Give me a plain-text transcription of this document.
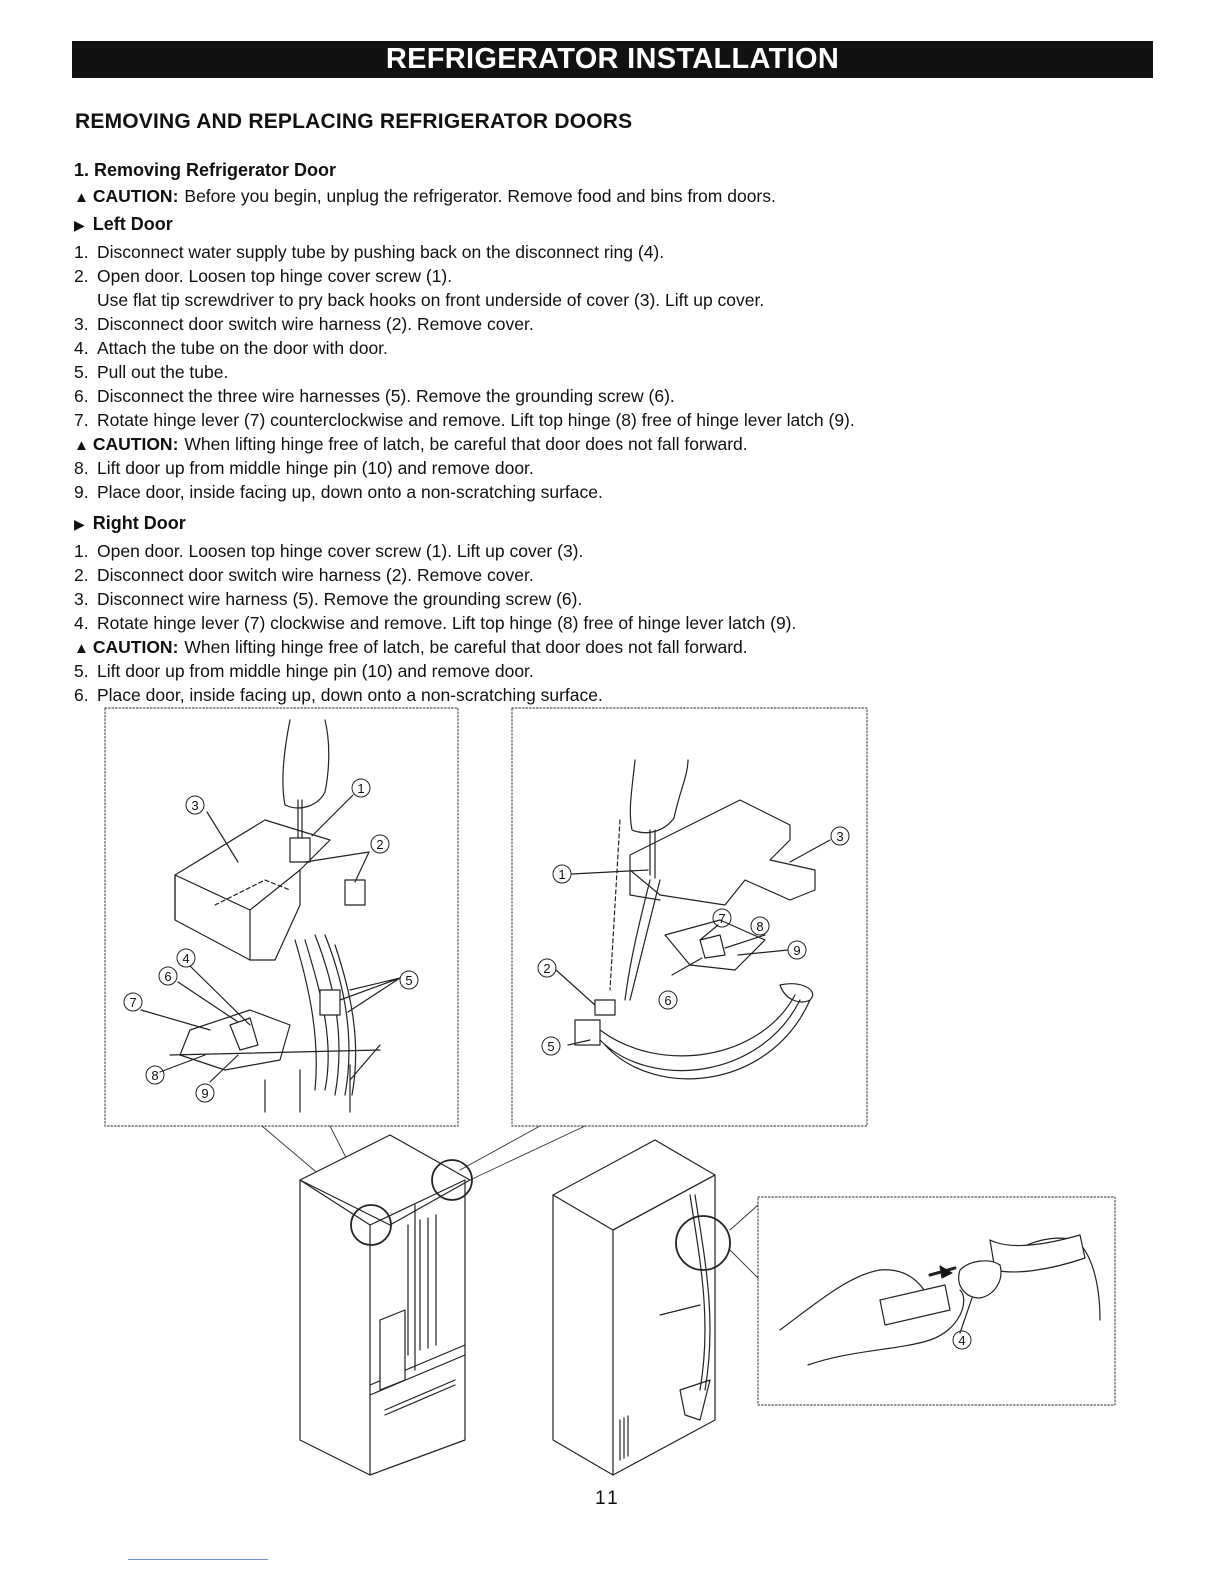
REFRIGERATOR INSTALLATION
REMOVING AND REPLACING REFRIGERATOR DOORS

1. Removing Refrigerator Door

▲ CAUTION: Before you begin, unplug the refrigerator. Remove food and bins from doors.

▶ Left Door

1. Disconnect water supply tube by pushing back on the disconnect ring (4).
2. Open door. Loosen top hinge cover screw (1).
Use flat tip screwdriver to pry back hooks on front underside of cover (3). Lift up cover.
3. Disconnect door switch wire harness (2). Remove cover.
4. Attach the tube on the door with door.
5. Pull out the tube.
6. Disconnect the three wire harnesses (5). Remove the grounding screw (6).
7. Rotate hinge lever (7) counterclockwise and remove. Lift top hinge (8) free of hinge lever latch (9).

▲ CAUTION: When lifting hinge free of latch, be careful that door does not fall forward.

8. Lift door up from middle hinge pin (10) and remove door.
9. Place door, inside facing up, down onto a non-scratching surface.

▶ Right Door

1. Open door. Loosen top hinge cover screw (1). Lift up cover (3).
2. Disconnect door switch wire harness (2). Remove cover.
3. Disconnect wire harness (5). Remove the grounding screw (6).
4. Rotate hinge lever (7) clockwise and remove. Lift top hinge (8) free of hinge lever latch (9).

▲ CAUTION: When lifting hinge free of latch, be careful that door does not fall forward.

5. Lift door up from middle hinge pin (10) and remove door.
6. Place door, inside facing up, down onto a non-scratching surface.
3
1
2
4
6
7
5
8
9
1
3
7
8
9
2
6
5
4
11
